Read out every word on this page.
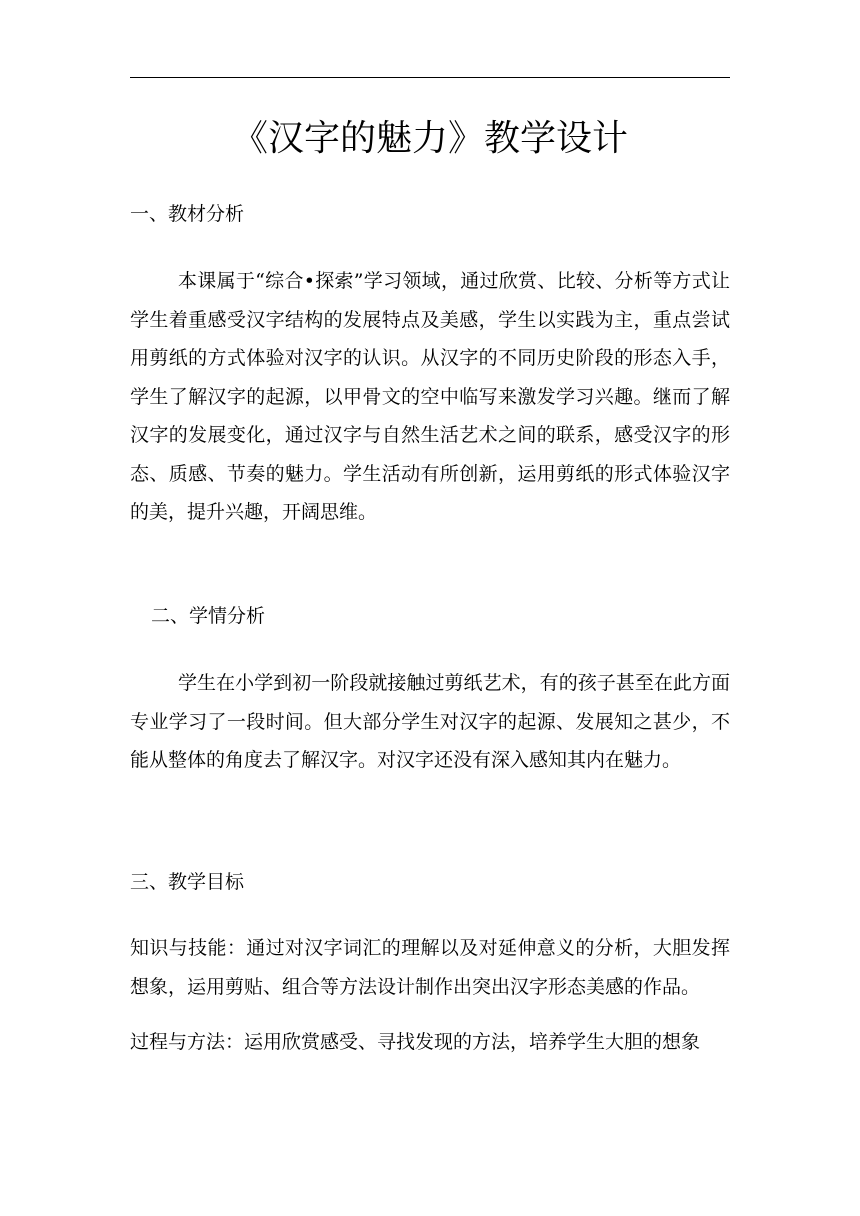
《汉字的魅力》教学设计
一、教材分析

本课属于“综合•探索”学习领域，通过欣赏、比较、分析等方式让学生着重感受汉字结构的发展特点及美感，学生以实践为主，重点尝试用剪纸的方式体验对汉字的认识。从汉字的不同历史阶段的形态入手，学生了解汉字的起源，以甲骨文的空中临写来激发学习兴趣。继而了解汉字的发展变化，通过汉字与自然生活艺术之间的联系，感受汉字的形态、质感、节奏的魅力。学生活动有所创新，运用剪纸的形式体验汉字的美，提升兴趣，开阔思维。

二、学情分析

学生在小学到初一阶段就接触过剪纸艺术，有的孩子甚至在此方面专业学习了一段时间。但大部分学生对汉字的起源、发展知之甚少，不能从整体的角度去了解汉字。对汉字还没有深入感知其内在魅力。

三、教学目标

知识与技能：通过对汉字词汇的理解以及对延伸意义的分析，大胆发挥想象，运用剪贴、组合等方法设计制作出突出汉字形态美感的作品。

过程与方法：运用欣赏感受、寻找发现的方法，培养学生大胆的想象
